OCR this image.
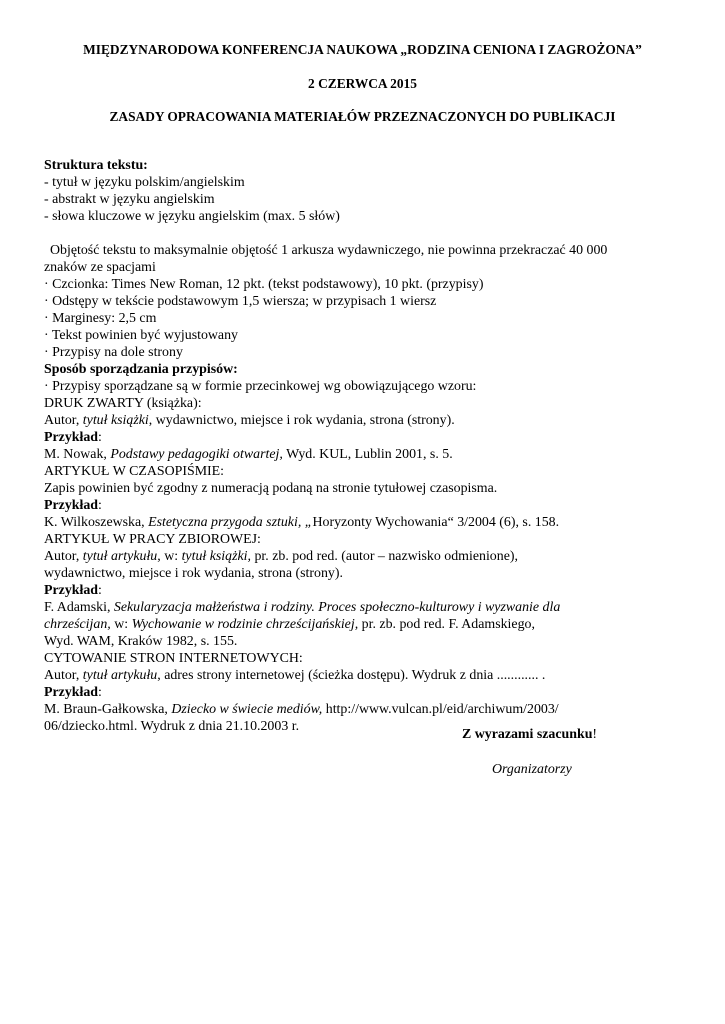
MIĘDZYNARODOWA KONFERENCJA NAUKOWA „RODZINA CENIONA I ZAGROŻONA”
2 CZERWCA 2015
ZASADY OPRACOWANIA MATERIAŁÓW PRZEZNACZONYCH DO PUBLIKACJI
Struktura tekstu:
- tytuł w języku polskim/angielskim
- abstrakt w języku angielskim
- słowa kluczowe w języku angielskim (max. 5 słów)
Objętość tekstu to maksymalnie objętość 1 arkusza wydawniczego, nie powinna przekraczać 40 000
znaków ze spacjami
· Czcionka: Times New Roman, 12 pkt. (tekst podstawowy), 10 pkt. (przypisy)
· Odstępy w tekście podstawowym 1,5 wiersza; w przypisach 1 wiersz
· Marginesy: 2,5 cm
· Tekst powinien być wyjustowany
· Przypisy na dole strony
Sposób sporządzania przypisów:
· Przypisy sporządzane są w formie przecinkowej wg obowiązującego wzoru:
DRUK ZWARTY (książka):
Autor, tytuł książki, wydawnictwo, miejsce i rok wydania, strona (strony).
Przykład:
M. Nowak, Podstawy pedagogiki otwartej, Wyd. KUL, Lublin 2001, s. 5.
ARTYKUŁ W CZASOPIŚMIE:
Zapis powinien być zgodny z numeracją podaną na stronie tytułowej czasopisma.
Przykład:
K. Wilkoszewska, Estetyczna przygoda sztuki, „Horyzonty Wychowania“ 3/2004 (6), s. 158.
ARTYKUŁ W PRACY ZBIOROWEJ:
Autor, tytuł artykułu, w: tytuł książki, pr. zb. pod red. (autor – nazwisko odmienione),
wydawnictwo, miejsce i rok wydania, strona (strony).
Przykład:
F. Adamski, Sekularyzacja małżeństwa i rodziny. Proces społeczno-kulturowy i wyzwanie dla
chrześcijan, w: Wychowanie w rodzinie chrześcijańskiej, pr. zb. pod red. F. Adamskiego,
Wyd. WAM, Kraków 1982, s. 155.
CYTOWANIE STRON INTERNETOWYCH:
Autor, tytuł artykułu, adres strony internetowej (ścieżka dostępu). Wydruk z dnia ............ .
Przykład:
M. Braun-Gałkowska, Dziecko w świecie mediów, http://www.vulcan.pl/eid/archiwum/2003/
06/dziecko.html. Wydruk z dnia 21.10.2003 r.
Z wyrazami szacunku!
Organizatorzy
